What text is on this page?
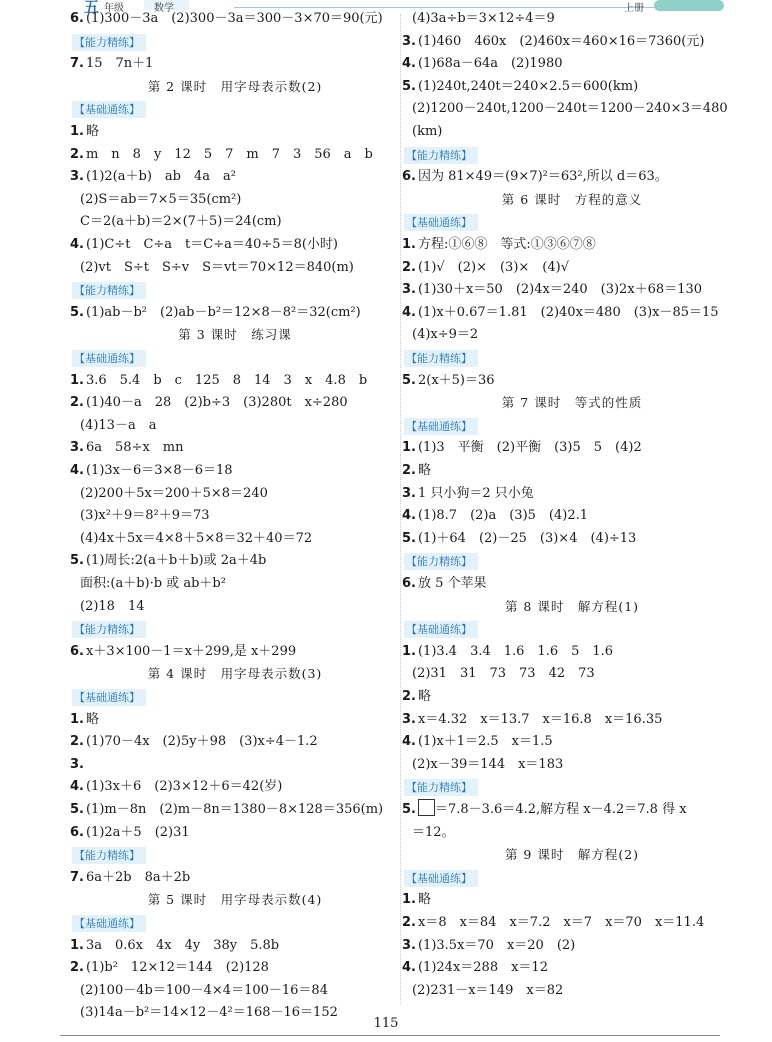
五 年级	数学	上册
6. (1)300－3a　(2)300－3a＝300－3×70＝90(元)
【能力精练】
7. 15　7n＋1
第 2 课时　用字母表示数(2)
【基础通练】
1. 略
2. m　n　8　y　12　5　7　m　7　3　56　a　b
3. (1)2(a＋b)　ab　4a　a²
(2)S＝ab＝7×5＝35(cm²)
C＝2(a＋b)＝2×(7＋5)＝24(cm)
4. (1)C÷t　C÷a　t＝C÷a＝40÷5＝8(小时)
(2)vt　S÷t　S÷v　S＝vt＝70×12＝840(m)
【能力精练】
5. (1)ab－b²　(2)ab－b²＝12×8－8²＝32(cm²)
第 3 课时　练习课
【基础通练】
1. 3.6　5.4　b　c　125　8　14　3　x　4.8　b
2. (1)40－a　28　(2)b÷3　(3)280t　x÷280
(4)13－a　a
3. 6a　58÷x　mn
4. (1)3x－6＝3×8－6＝18
(2)200＋5x＝200＋5×8＝240
(3)x²＋9＝8²＋9＝73
(4)4x＋5x＝4×8＋5×8＝32＋40＝72
5. (1)周长:2(a＋b＋b)或 2a＋4b
面积:(a＋b)·b 或 ab＋b²
(2)18　14
【能力精练】
6. x＋3×100－1＝x＋299,是 x＋299
第 4 课时　用字母表示数(3)
【基础通练】
1. 略
2. (1)70－4x　(2)5y＋98　(3)x÷4－1.2
3.
4. (1)3x＋6　(2)3×12＋6＝42(岁)
5. (1)m－8n　(2)m－8n＝1380－8×128＝356(m)
6. (1)2a＋5　(2)31
【能力精练】
7. 6a＋2b　8a＋2b
第 5 课时　用字母表示数(4)
【基础通练】
1. 3a　0.6x　4x　4y　38y　5.8b
2. (1)b²　12×12＝144　(2)128
(2)100－4b＝100－4×4＝100－16＝84
(3)14a－b²＝14×12－4²＝168－16＝152
(4)3a÷b＝3×12÷4＝9
3. (1)460　460x　(2)460x＝460×16＝7360(元)
4. (1)68a－64a　(2)1980
5. (1)240t,240t＝240×2.5＝600(km)
(2)1200－240t,1200－240t＝1200－240×3＝480
(km)
【能力精练】
6. 因为 81×49＝(9×7)²＝63²,所以 d＝63。
第 6 课时　方程的意义
【基础通练】
1. 方程:①⑥⑧　等式:①③⑥⑦⑧
2. (1)√　(2)×　(3)×　(4)√
3. (1)30＋x＝50　(2)4x＝240　(3)2x＋68＝130
4. (1)x＋0.67＝1.81　(2)40x＝480　(3)x－85＝15
(4)x÷9＝2
【能力精练】
5. 2(x＋5)＝36
第 7 课时　等式的性质
【基础通练】
1. (1)3　平衡　(2)平衡　(3)5　5　(4)2
2. 略
3. 1 只小狗＝2 只小兔
4. (1)8.7　(2)a　(3)5　(4)2.1
5. (1)＋64　(2)－25　(3)×4　(4)÷13
【能力精练】
6. 放 5 个苹果
第 8 课时　解方程(1)
【基础通练】
1. (1)3.4　3.4　1.6　1.6　5　1.6
(2)31　31　73　73　42　73
2. 略
3. x＝4.32　x＝13.7　x＝16.8　x＝16.35
4. (1)x＋1＝2.5　x＝1.5
(2)x－39＝144　x＝183
【能力精练】
5. ＝7.8－3.6＝4.2,解方程 x－4.2＝7.8 得 x
＝12。
第 9 课时　解方程(2)
【基础通练】
1. 略
2. x＝8　x＝84　x＝7.2　x＝7　x＝70　x＝11.4
3. (1)3.5x＝70　x＝20　(2)
4. (1)24x＝288　x＝12
(2)231－x＝149　x＝82
115
